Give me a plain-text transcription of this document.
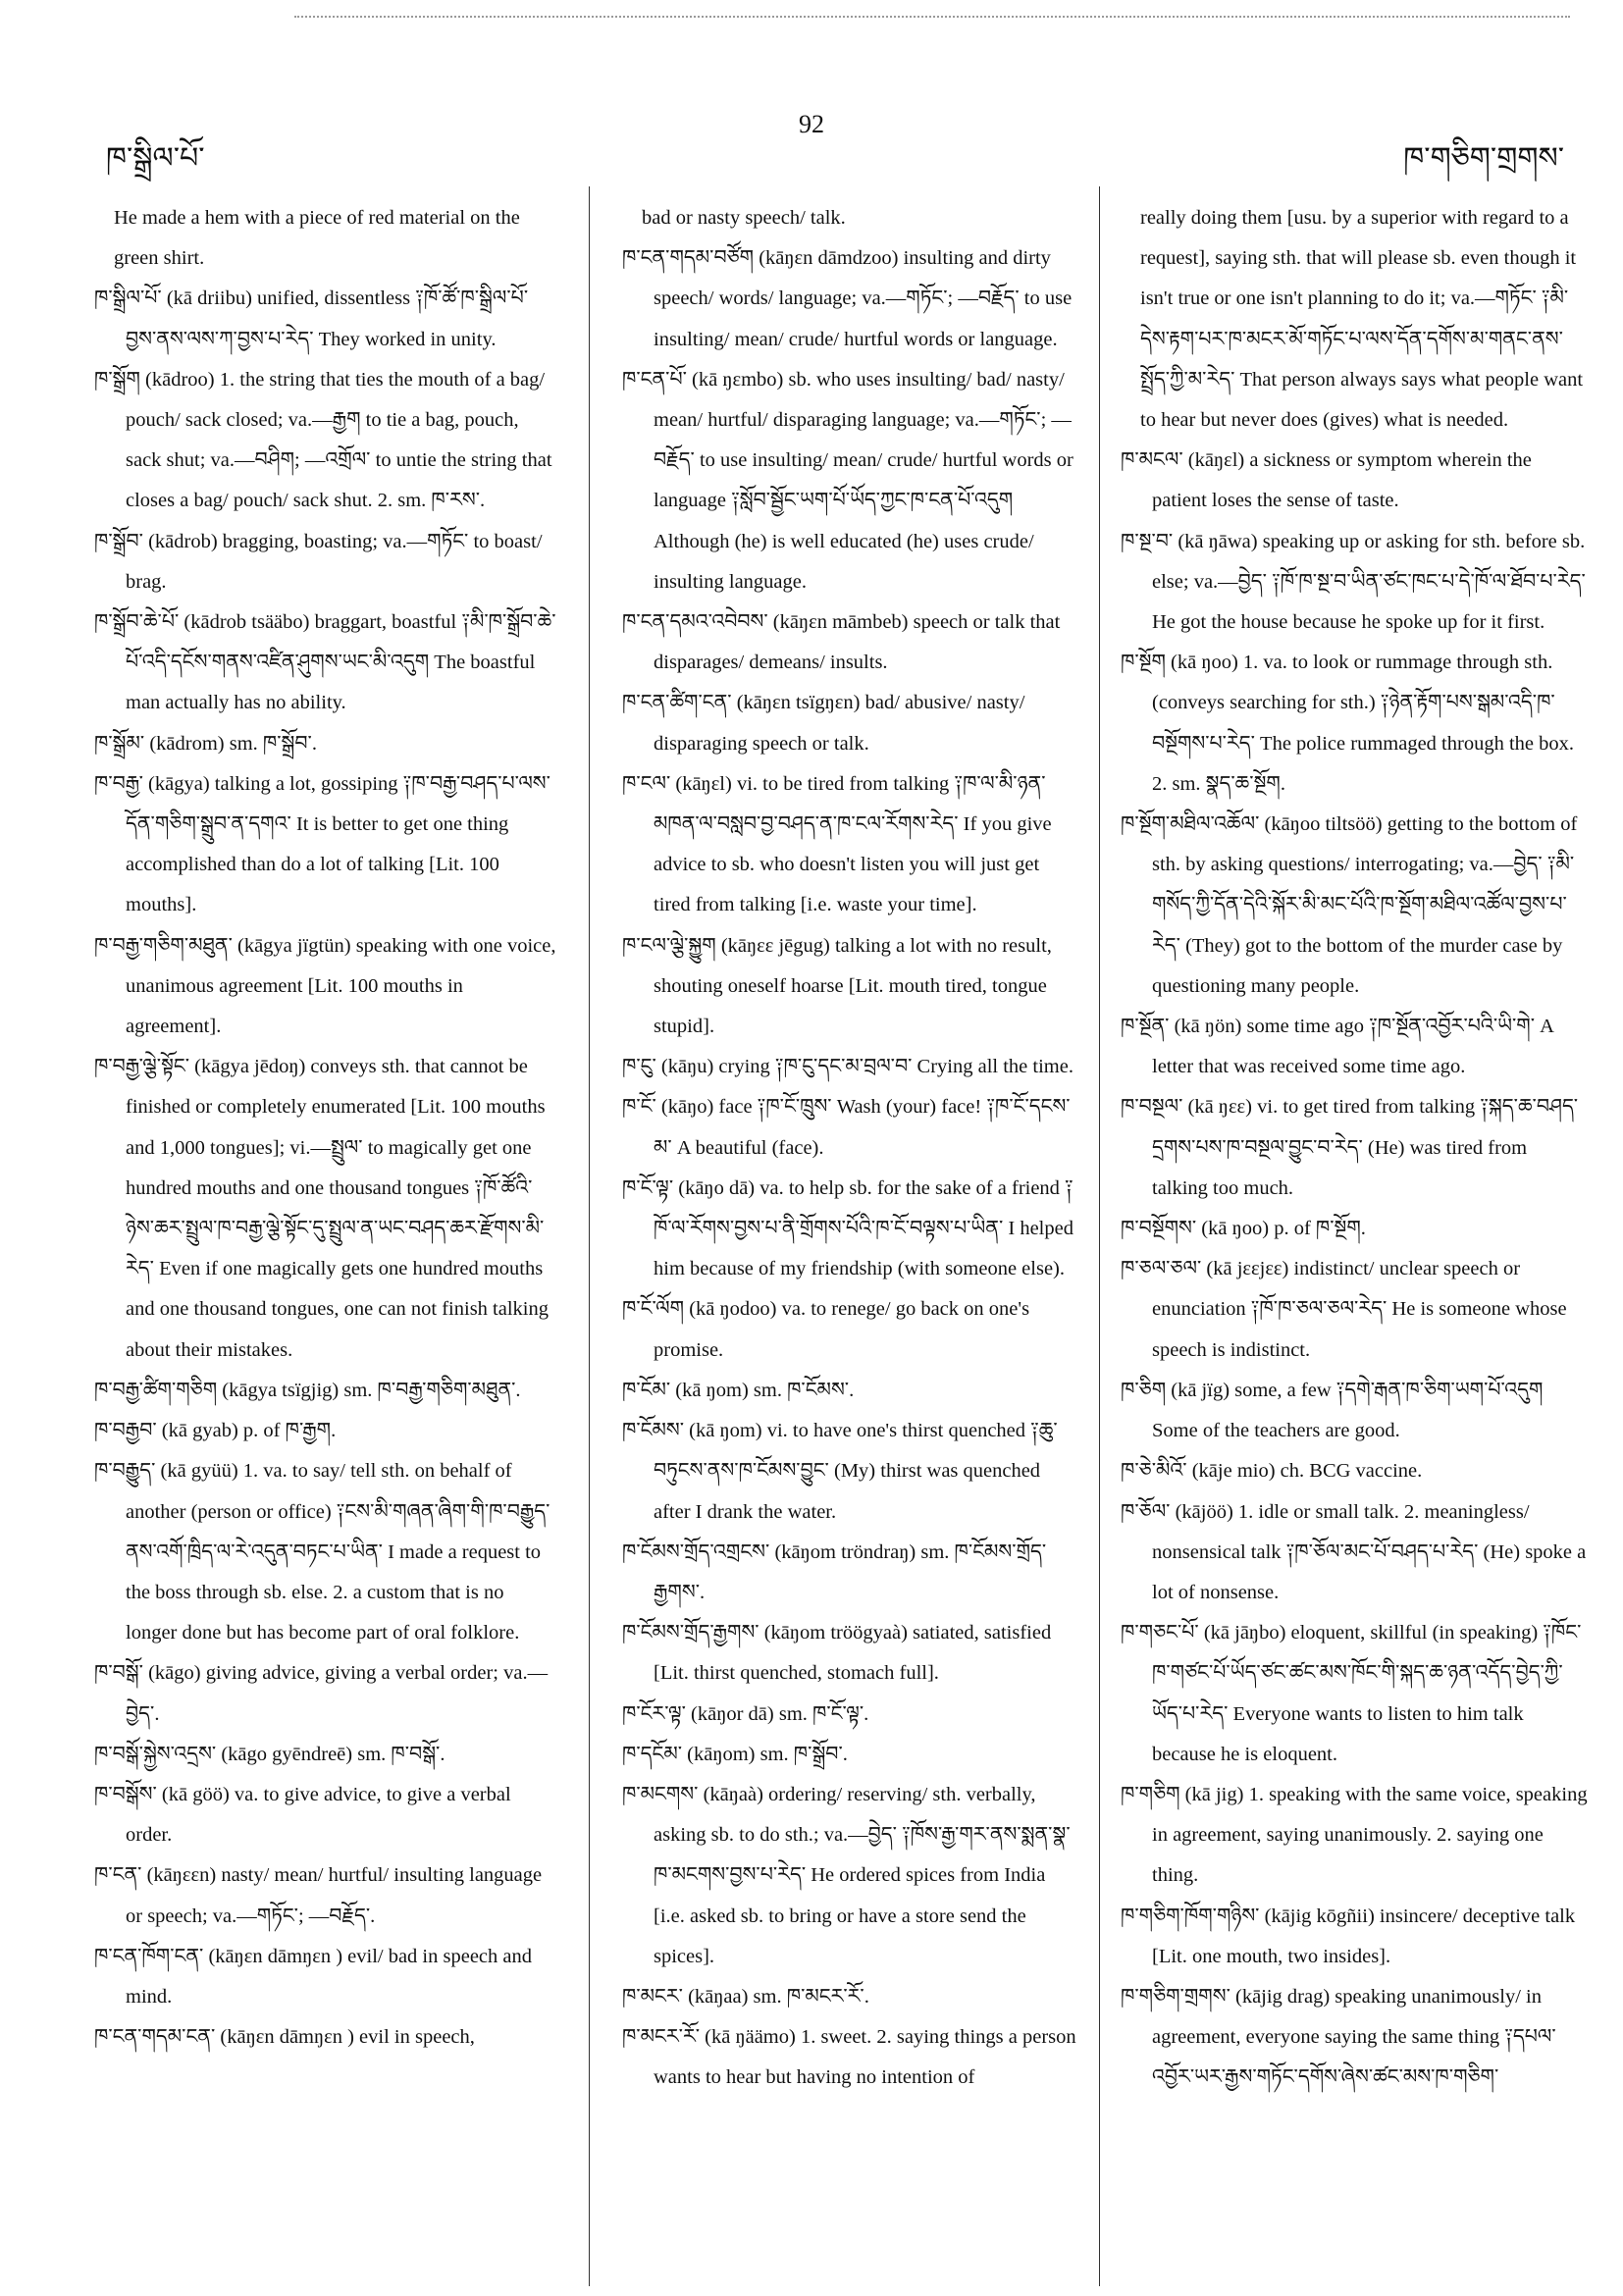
ཁ་སྒྲིལ་པོ་
92
ཁ་གཅིག་གྲགས་

He made a hem with a piece of red material on the green shirt.

ཁ་སྒྲིལ་པོ་ (kā driibu) unified, dissentless ༑ཁོ་ཚོ་ཁ་སྒྲིལ་པོ་བྱས་ནས་ལས་ཀ་བྱས་པ་རེད་ They worked in unity.

ཁ་སྒྲོག (kādroo) 1. the string that ties the mouth of a bag/ pouch/ sack closed; va.—རྒྱག to tie a bag, pouch, sack shut; va.—བཤིག; —འགྲོལ་ to untie the string that closes a bag/ pouch/ sack shut. 2. sm. ཁ་རས་.

ཁ་སྒྲོབ་ (kādrob) bragging, boasting; va.—གཏོང་ to boast/ brag.

ཁ་སྒྲོབ་ཆེ་པོ་ (kādrob tsääbo) braggart, boastful ༑མི་ཁ་སྒྲོབ་ཆེ་པོ་འདི་དངོས་གནས་འཛིན་ཤུགས་ཡང་མི་འདུག The boastful man actually has no ability.

ཁ་སྒྲོམ་ (kādrom) sm. ཁ་སྒྲོབ་.

ཁ་བརྒྱ་ (kāgya) talking a lot, gossiping ༑ཁ་བརྒྱ་བཤད་པ་ལས་དོན་གཅིག་སྒྲུབ་ན་དགའ་ It is better to get one thing accomplished than do a lot of talking [Lit. 100 mouths].

ཁ་བརྒྱ་གཅིག་མཐུན་ (kāgya jïgtün) speaking with one voice, unanimous agreement [Lit. 100 mouths in agreement].

ཁ་བརྒྱ་ལྕེ་སྟོང་ (kāgya jēdoŋ) conveys sth. that cannot be finished or completely enumerated [Lit. 100 mouths and 1,000 tongues]; vi.—སྤྲུལ་ to magically get one hundred mouths and one thousand tongues ༑ཁོ་ཚོའི་ཉེས་ཆར་སྤྲུལ་ཁ་བརྒྱ་ལྕེ་སྟོང་དུ་སྤྲུལ་ན་ཡང་བཤད་ཆར་རྫོགས་མི་རེད་ Even if one magically gets one hundred mouths and one thousand tongues, one can not finish talking about their mistakes.

ཁ་བརྒྱ་ཚིག་གཅིག (kāgya tsïgjig) sm. ཁ་བརྒྱ་གཅིག་མཐུན་.

ཁ་བརྒྱབ་ (kā gyab) p. of ཁ་རྒྱག.

ཁ་བརྒྱུད་ (kā gyüü) 1. va. to say/ tell sth. on behalf of another (person or office) ༑ངས་མི་གཞན་ཞིག་གི་ཁ་བརྒྱུད་ནས་འགོ་ཁྲིད་ལ་རེ་འདུན་བཏང་པ་ཡིན་ I made a request to the boss through sb. else. 2. a custom that is no longer done but has become part of oral folklore.

ཁ་བསྒོ་ (kāgo) giving advice, giving a verbal order; va.—བྱེད་.

ཁ་བསྒོ་སྐྱེས་འདྲས་ (kāgo gyēndreē) sm. ཁ་བསྒོ་.

ཁ་བསྒོས་ (kā göö) va. to give advice, to give a verbal order.

ཁ་ངན་ (kāŋεεn) nasty/ mean/ hurtful/ insulting language or speech; va.—གཏོང་; —བརྗོད་.

ཁ་ངན་ཁོག་ངན་ (kāŋεn dāmŋεn ) evil/ bad in speech and mind.

ཁ་ངན་གདམ་ངན་ (kāŋεn dāmŋεn ) evil in speech,

bad or nasty speech/ talk.

ཁ་ངན་གདམ་བཙོག (kāŋεn dāmdzoo) insulting and dirty speech/ words/ language; va.—གཏོང་; —བརྗོད་ to use insulting/ mean/ crude/ hurtful words or language.

ཁ་ངན་པོ་ (kā ŋεmbo) sb. who uses insulting/ bad/ nasty/ mean/ hurtful/ disparaging language; va.—གཏོང་; —བརྗོད་ to use insulting/ mean/ crude/ hurtful words or language ༑སློབ་སྦྱོང་ཡག་པོ་ཡོད་ཀྱང་ཁ་ངན་པོ་འདུག Although (he) is well educated (he) uses crude/ insulting language.

ཁ་ངན་དམའ་འབེབས་ (kāŋεn māmbeb) speech or talk that disparages/ demeans/ insults.

ཁ་ངན་ཚིག་ངན་ (kāŋεn tsïgŋεn) bad/ abusive/ nasty/ disparaging speech or talk.

ཁ་ངལ་ (kāŋεl) vi. to be tired from talking ༑ཁ་ལ་མི་ཉན་མཁན་ལ་བསླབ་བྱ་བཤད་ན་ཁ་ངལ་རོགས་རེད་ If you give advice to sb. who doesn't listen you will just get tired from talking [i.e. waste your time].

ཁ་ངལ་ལྕེ་སྐྱུག (kāŋεε jēgug) talking a lot with no result, shouting oneself hoarse [Lit. mouth tired, tongue stupid].

ཁ་ངུ་ (kāŋu) crying ༑ཁ་ངུ་དང་མ་བྲལ་བ་ Crying all the time.

ཁ་ངོ་ (kāŋo) face ༑ཁ་ངོ་ཁྲུས་ Wash (your) face! ༑ཁ་ངོ་དངས་མ་ A beautiful (face).

ཁ་ངོ་ལྟ་ (kāŋo dā) va. to help sb. for the sake of a friend ༑ཁོ་ལ་རོགས་བྱས་པ་ནི་གྲོགས་པོའི་ཁ་ངོ་བལྟས་པ་ཡིན་ I helped him because of my friendship (with someone else).

ཁ་ངོ་ལོག (kā ŋodoo) va. to renege/ go back on one's promise.

ཁ་ངོམ་ (kā ŋom) sm. ཁ་ངོམས་.

ཁ་ངོམས་ (kā ŋom) vi. to have one's thirst quenched ༑ཆུ་བཏུངས་ནས་ཁ་ངོམས་བྱུང་ (My) thirst was quenched after I drank the water.

ཁ་ངོམས་གྲོད་འགྲངས་ (kāŋom tröndraŋ) sm. ཁ་ངོམས་གྲོད་རྒྱགས་.

ཁ་ངོམས་གྲོད་རྒྱགས་ (kāŋom tröögyaà) satiated, satisfied [Lit. thirst quenched, stomach full].

ཁ་ངོར་ལྟ་ (kāŋor dā) sm. ཁ་ངོ་ལྟ་.

ཁ་དངོམ་ (kāŋom) sm. ཁ་སྒྲོབ་.

ཁ་མངགས་ (kāŋaà) ordering/ reserving/ sth. verbally, asking sb. to do sth.; va.—བྱེད་ ༑ཁོས་རྒྱ་གར་ནས་སྨན་སྣ་ཁ་མངགས་བྱས་པ་རེད་ He ordered spices from India [i.e. asked sb. to bring or have a store send the spices].

ཁ་མངར་ (kāŋaa) sm. ཁ་མངར་རོ་.

ཁ་མངར་རོ་ (kā ŋäämo) 1. sweet. 2. saying things a person wants to hear but having no intention of

really doing them [usu. by a superior with regard to a request], saying sth. that will please sb. even though it isn't true or one isn't planning to do it; va.—གཏོང་ ༑མི་དེས་རྟག་པར་ཁ་མངར་མོ་གཏོང་པ་ལས་དོན་དགོས་མ་གནང་ནས་སྤྲོད་ཀྱི་མ་རེད་ That person always says what people want to hear but never does (gives) what is needed.

ཁ་མངལ་ (kāŋεl) a sickness or symptom wherein the patient loses the sense of taste.

ཁ་སྔ་བ་ (kā ŋāwa) speaking up or asking for sth. before sb. else; va.—བྱེད་ ༑ཁོ་ཁ་སྔ་བ་ཡིན་ཙང་ཁང་པ་དེ་ཁོ་ལ་ཐོབ་པ་རེད་ He got the house because he spoke up for it first.

ཁ་སྔོག (kā ŋoo) 1. va. to look or rummage through sth. (conveys searching for sth.) ༑ཉེན་རྟོག་པས་སྒམ་འདི་ཁ་བསྔོགས་པ་རེད་ The police rummaged through the box. 2. sm. སྣད་ཆ་སྔོག.

ཁ་སྔོག་མཐིལ་འཆོལ་ (kāŋoo tiltsöö) getting to the bottom of sth. by asking questions/ interrogating; va.—བྱེད་ ༑མི་གསོད་ཀྱི་དོན་དེའི་སྐོར་མི་མང་པོའི་ཁ་སྔོག་མཐིལ་འཚོལ་བྱས་པ་རེད་ (They) got to the bottom of the murder case by questioning many people.

ཁ་སྔོན་ (kā ŋön) some time ago ༑ཁ་སྔོན་འབྱོར་པའི་ཡི་གེ་ A letter that was received some time ago.

ཁ་བསྔལ་ (kā ŋεε) vi. to get tired from talking ༑སྐད་ཆ་བཤད་དྲགས་པས་ཁ་བསྔལ་བྱུང་བ་རེད་ (He) was tired from talking too much.

ཁ་བསྔོགས་ (kā ŋoo) p. of ཁ་སྔོག.

ཁ་ཅལ་ཅལ་ (kā jεεjεε) indistinct/ unclear speech or enunciation ༑ཁོ་ཁ་ཅལ་ཅལ་རེད་ He is someone whose speech is indistinct.

ཁ་ཅིག (kā jïg) some, a few ༑དགེ་རྒན་ཁ་ཅིག་ཡག་པོ་འདུག Some of the teachers are good.

ཁ་ཅེ་མིའོ་ (kāje mio) ch. BCG vaccine.

ཁ་ཅོལ་ (kājöö) 1. idle or small talk. 2. meaningless/ nonsensical talk ༑ཁ་ཅོལ་མང་པོ་བཤད་པ་རེད་ (He) spoke a lot of nonsense.

ཁ་གཅང་པོ་ (kā jāŋbo) eloquent, skillful (in speaking) ༑ཁོང་ཁ་གཙང་པོ་ཡོད་ཙང་ཚང་མས་ཁོང་གི་སྐད་ཆ་ཉན་འདོད་བྱེད་ཀྱི་ཡོད་པ་རེད་ Everyone wants to listen to him talk because he is eloquent.

ཁ་གཅིག (kā jig) 1. speaking with the same voice, speaking in agreement, saying unanimously. 2. saying one thing.

ཁ་གཅིག་ཁོག་གཉིས་ (kājig kōgñii) insincere/ deceptive talk [Lit. one mouth, two insides].

ཁ་གཅིག་གྲགས་ (kājig drag) speaking unanimously/ in agreement, everyone saying the same thing ༑དཔལ་འབྱོར་ཡར་རྒྱས་གཏོང་དགོས་ཞེས་ཚང་མས་ཁ་གཅིག་
